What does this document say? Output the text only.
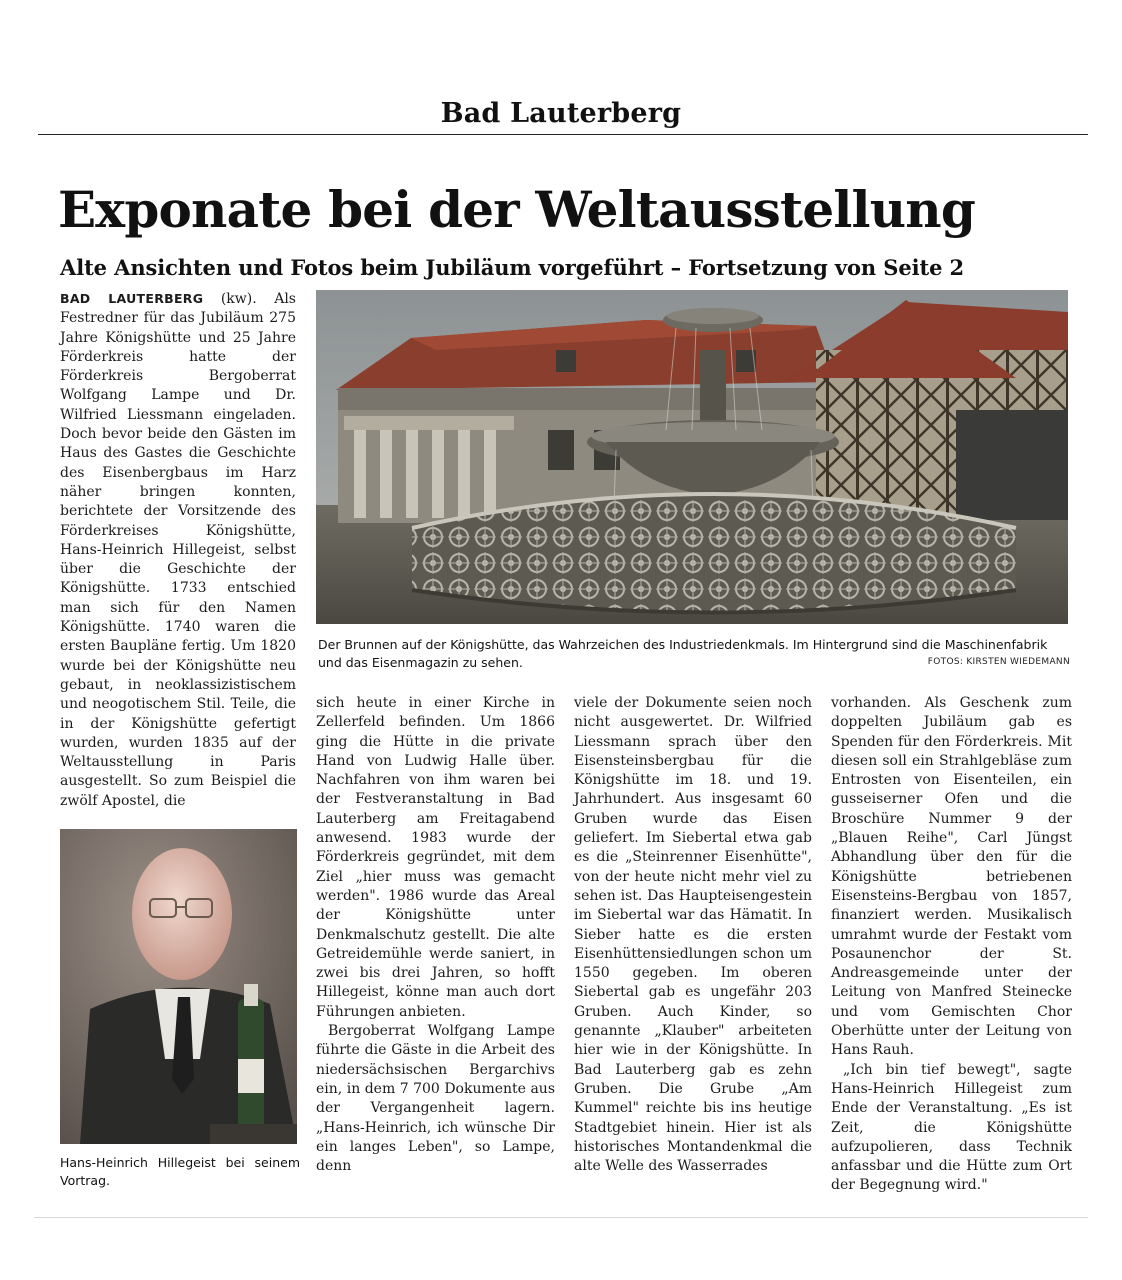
Bad Lauterberg
Exponate bei der Weltausstellung
Alte Ansichten und Fotos beim Jubiläum vorgeführt – Fortsetzung von Seite 2

BAD LAUTERBERG (kw). Als Festredner für das Jubiläum 275 Jahre Königshütte und 25 Jahre Förderkreis hatte der Förderkreis Bergoberrat Wolfgang Lampe und Dr. Wilfried Liessmann eingeladen. Doch bevor beide den Gästen im Haus des Gastes die Geschichte des Eisenbergbaus im Harz näher bringen konnten, berichtete der Vorsitzende des Förderkreises Königshütte, Hans-Heinrich Hillegeist, selbst über die Geschichte der Königshütte. 1733 entschied man sich für den Namen Königshütte. 1740 waren die ersten Baupläne fertig. Um 1820 wurde bei der Königshütte neu gebaut, in neoklassizistischem und neogotischem Stil. Teile, die in der Königshütte gefertigt wurden, wurden 1835 auf der Weltausstellung in Paris ausgestellt. So zum Beispiel die zwölf Apostel, die

Der Brunnen auf der Königshütte, das Wahrzeichen des Industriedenkmals. Im Hintergrund sind die Maschinenfabrik und das Eisenmagazin zu sehen.	FOTOS: KIRSTEN WIEDEMANN
Hans-Heinrich Hillegeist bei seinem Vortrag.

sich heute in einer Kirche in Zellerfeld befinden. Um 1866 ging die Hütte in die private Hand von Ludwig Halle über. Nachfahren von ihm waren bei der Festveranstaltung in Bad Lauterberg am Freitagabend anwesend. 1983 wurde der Förderkreis gegründet, mit dem Ziel „hier muss was gemacht werden". 1986 wurde das Areal der Königshütte unter Denkmalschutz gestellt. Die alte Getreidemühle werde saniert, in zwei bis drei Jahren, so hofft Hillegeist, könne man auch dort Führungen anbieten.

Bergoberrat Wolfgang Lampe führte die Gäste in die Arbeit des niedersächsischen Bergarchivs ein, in dem 7 700 Dokumente aus der Vergangenheit lagern. „Hans-Heinrich, ich wünsche Dir ein langes Leben", so Lampe, denn

viele der Dokumente seien noch nicht ausgewertet. Dr. Wilfried Liessmann sprach über den Eisensteinsbergbau für die Königshütte im 18. und 19. Jahrhundert. Aus insgesamt 60 Gruben wurde das Eisen geliefert. Im Siebertal etwa gab es die „Steinrenner Eisenhütte", von der heute nicht mehr viel zu sehen ist. Das Haupteisengestein im Siebertal war das Hämatit. In Sieber hatte es die ersten Eisenhüttensiedlungen schon um 1550 gegeben. Im oberen Siebertal gab es ungefähr 203 Gruben. Auch Kinder, so genannte „Klauber" arbeiteten hier wie in der Königshütte. In Bad Lauterberg gab es zehn Gruben. Die Grube „Am Kummel" reichte bis ins heutige Stadtgebiet hinein. Hier ist als historisches Montandenkmal die alte Welle des Wasserrades

vorhanden. Als Geschenk zum doppelten Jubiläum gab es Spenden für den Förderkreis. Mit diesen soll ein Strahlgebläse zum Entrosten von Eisenteilen, ein gusseiserner Ofen und die Broschüre Nummer 9 der „Blauen Reihe", Carl Jüngst Abhandlung über den für die Königshütte betriebenen Eisensteins-Bergbau von 1857, finanziert werden. Musikalisch umrahmt wurde der Festakt vom Posaunenchor der St. Andreasgemeinde unter der Leitung von Manfred Steinecke und vom Gemischten Chor Oberhütte unter der Leitung von Hans Rauh.

„Ich bin tief bewegt", sagte Hans-Heinrich Hillegeist zum Ende der Veranstaltung. „Es ist Zeit, die Königshütte aufzupolieren, dass Technik anfassbar und die Hütte zum Ort der Begegnung wird."
